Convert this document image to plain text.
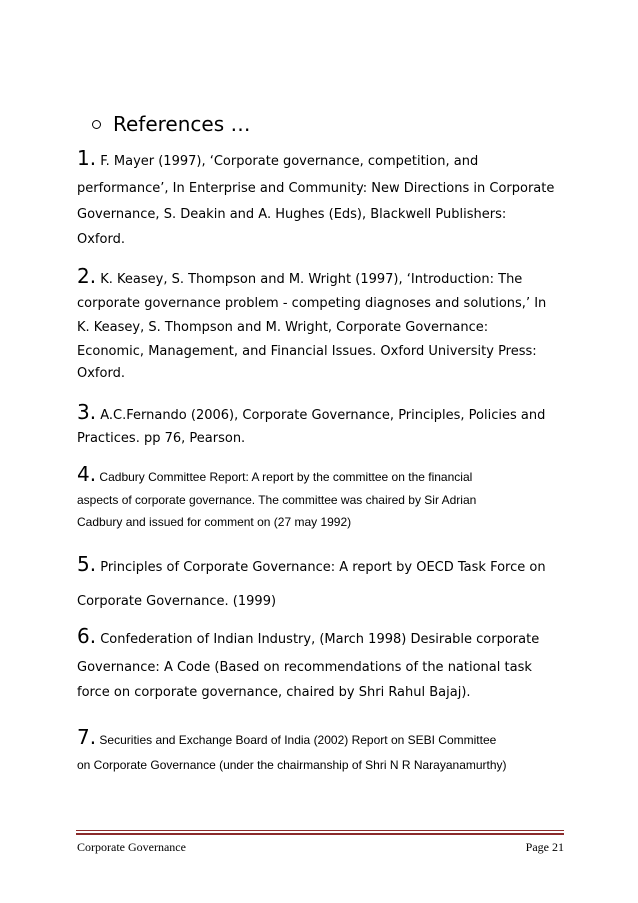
References …
1. F. Mayer (1997), ‘Corporate governance, competition, and
performance’, In Enterprise and Community: New Directions in Corporate
Governance, S. Deakin and A. Hughes (Eds), Blackwell Publishers:
Oxford.
2. K. Keasey, S. Thompson and M. Wright (1997), ‘Introduction: The
corporate governance problem - competing diagnoses and solutions,’ In
K. Keasey, S. Thompson and M. Wright, Corporate Governance:
Economic, Management, and Financial Issues. Oxford University Press:
Oxford.
3. A.C.Fernando (2006), Corporate Governance, Principles, Policies and
Practices. pp 76, Pearson.
4. Cadbury Committee Report: A report by the committee on the financial
aspects of corporate governance. The committee was chaired by Sir Adrian
Cadbury and issued for comment on (27 may 1992)
5. Principles of Corporate Governance: A report by OECD Task Force on
Corporate Governance. (1999)
6. Confederation of Indian Industry, (March 1998) Desirable corporate
Governance: A Code (Based on recommendations of the national task
force on corporate governance, chaired by Shri Rahul Bajaj).
7. Securities and Exchange Board of India (2002) Report on SEBI Committee
on Corporate Governance (under the chairmanship of Shri N R Narayanamurthy)
Corporate Governance	Page 21
